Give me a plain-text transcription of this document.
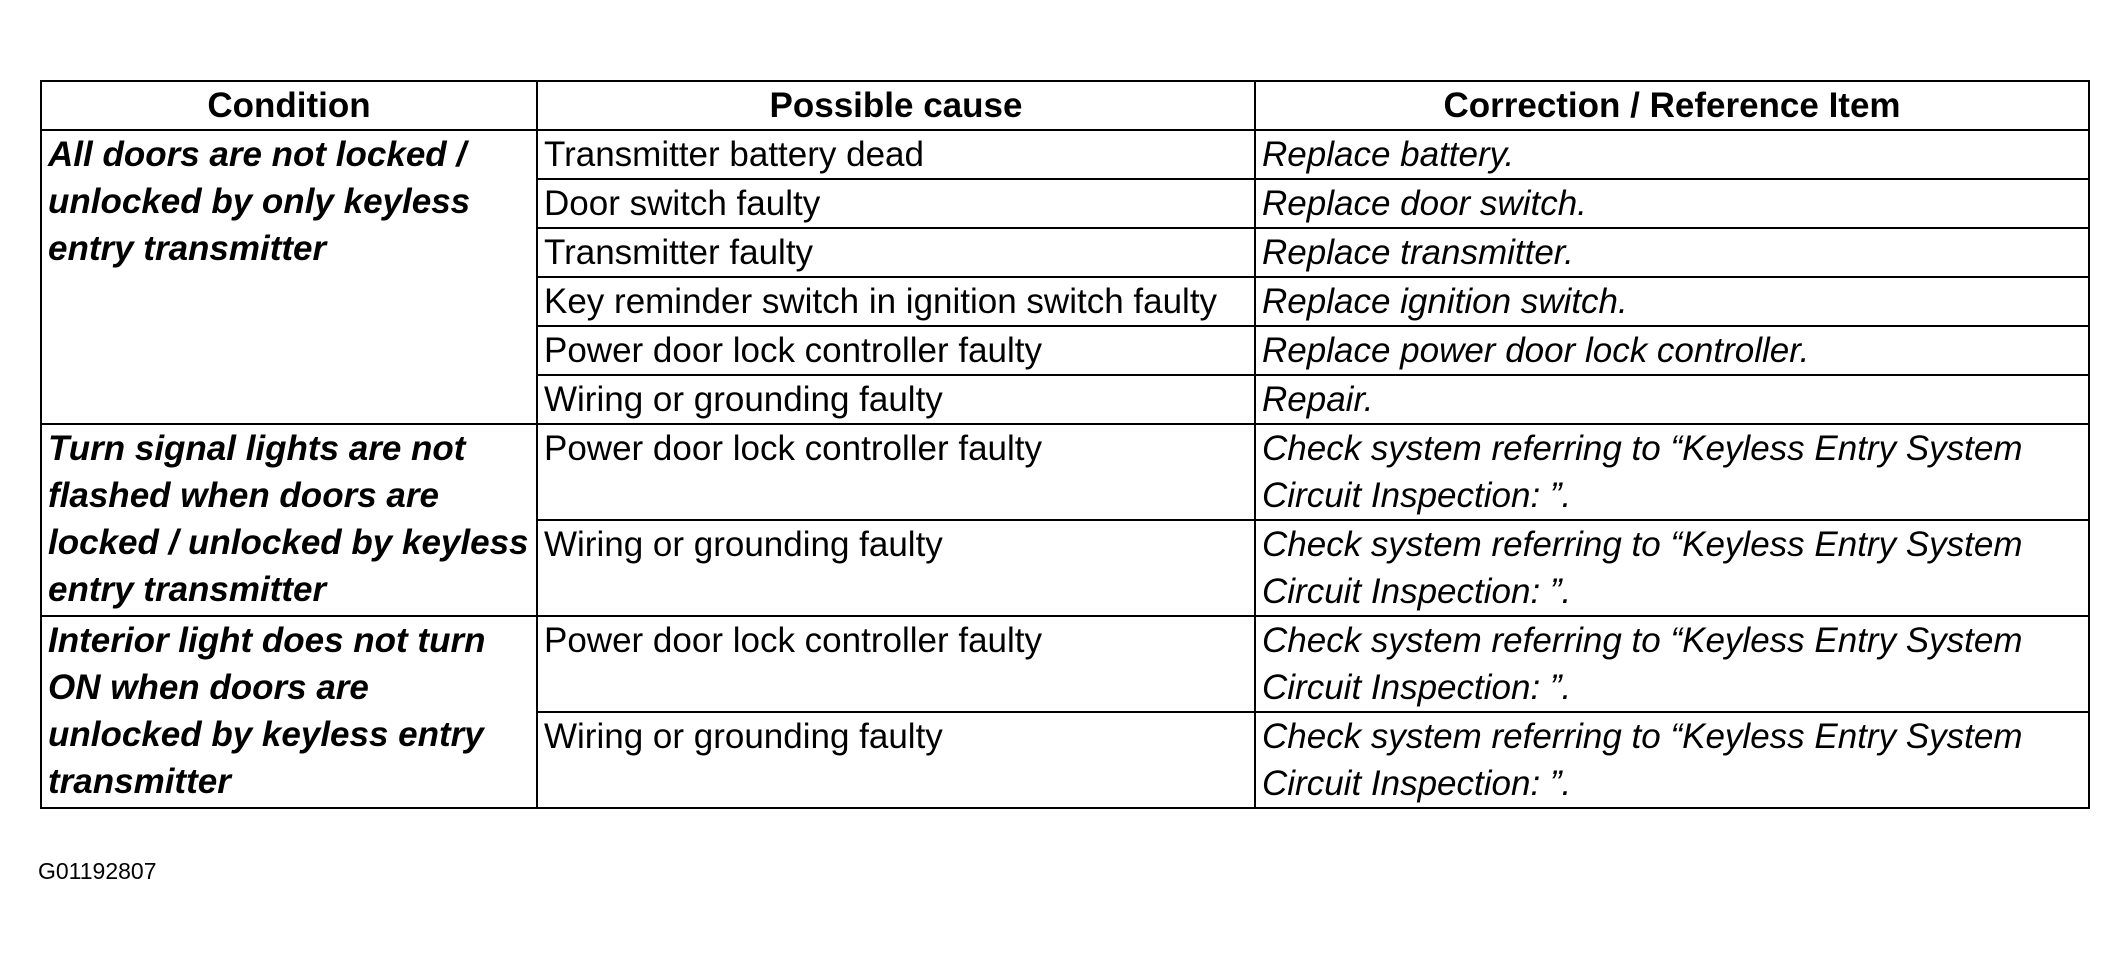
Condition	Possible cause	Correction / Reference Item
All doors are not locked / unlocked by only keyless entry transmitter	Transmitter battery dead	Replace battery.
	Door switch faulty	Replace door switch.
	Transmitter faulty	Replace transmitter.
	Key reminder switch in ignition switch faulty	Replace ignition switch.
	Power door lock controller faulty	Replace power door lock controller.
	Wiring or grounding faulty	Repair.
Turn signal lights are not flashed when doors are locked / unlocked by keyless entry transmitter	Power door lock controller faulty	Check system referring to “Keyless Entry System Circuit Inspection: ”.
	Wiring or grounding faulty	Check system referring to “Keyless Entry System Circuit Inspection: ”.
Interior light does not turn ON when doors are unlocked by keyless entry transmitter	Power door lock controller faulty	Check system referring to “Keyless Entry System Circuit Inspection: ”.
	Wiring or grounding faulty	Check system referring to “Keyless Entry System Circuit Inspection: ”.
G01192807
